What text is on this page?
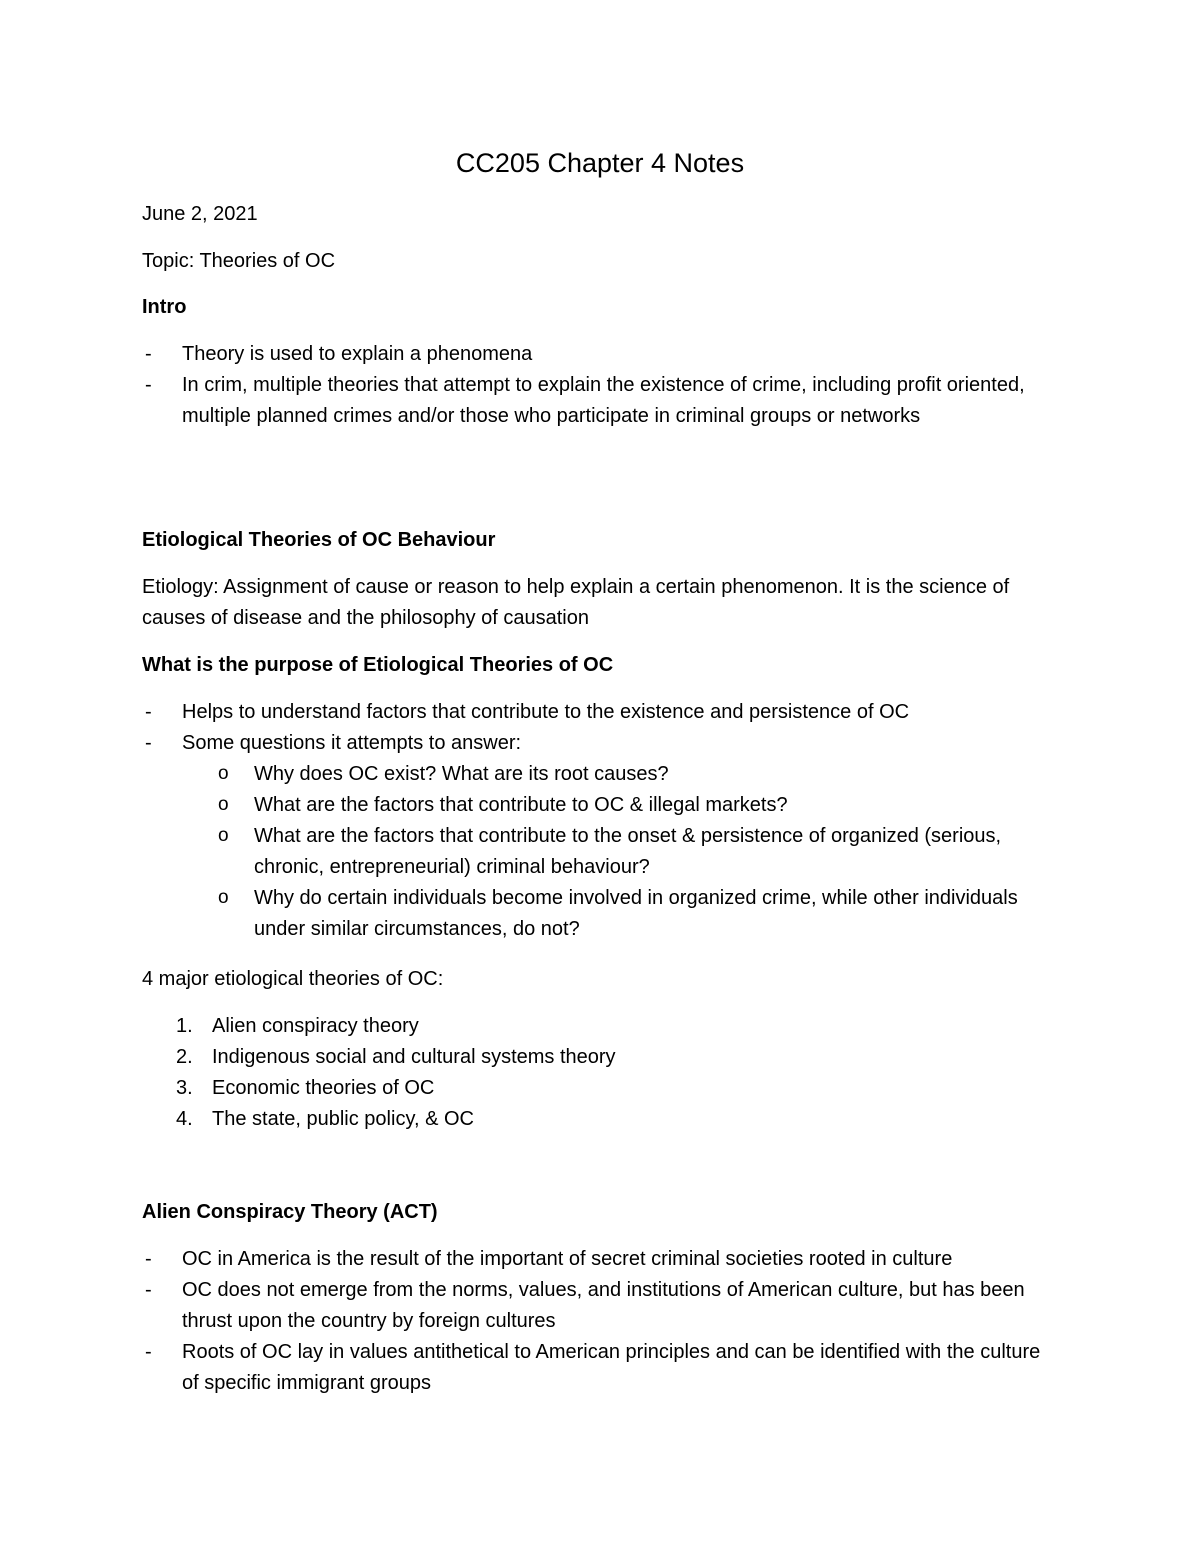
CC205 Chapter 4 Notes

June 2, 2021

Topic: Theories of OC

Intro

- Theory is used to explain a phenomena
- In crim, multiple theories that attempt to explain the existence of crime, including profit oriented, multiple planned crimes and/or those who participate in criminal groups or networks

Etiological Theories of OC Behaviour

Etiology: Assignment of cause or reason to help explain a certain phenomenon. It is the science of causes of disease and the philosophy of causation

What is the purpose of Etiological Theories of OC

- Helps to understand factors that contribute to the existence and persistence of OC
- Some questions it attempts to answer:
o Why does OC exist? What are its root causes?
o What are the factors that contribute to OC & illegal markets?
o What are the factors that contribute to the onset & persistence of organized (serious, chronic, entrepreneurial) criminal behaviour?
o Why do certain individuals become involved in organized crime, while other individuals under similar circumstances, do not?

4 major etiological theories of OC:

1. Alien conspiracy theory
2. Indigenous social and cultural systems theory
3. Economic theories of OC
4. The state, public policy, & OC

Alien Conspiracy Theory (ACT)

- OC in America is the result of the important of secret criminal societies rooted in culture
- OC does not emerge from the norms, values, and institutions of American culture, but has been thrust upon the country by foreign cultures
- Roots of OC lay in values antithetical to American principles and can be identified with the culture of specific immigrant groups
